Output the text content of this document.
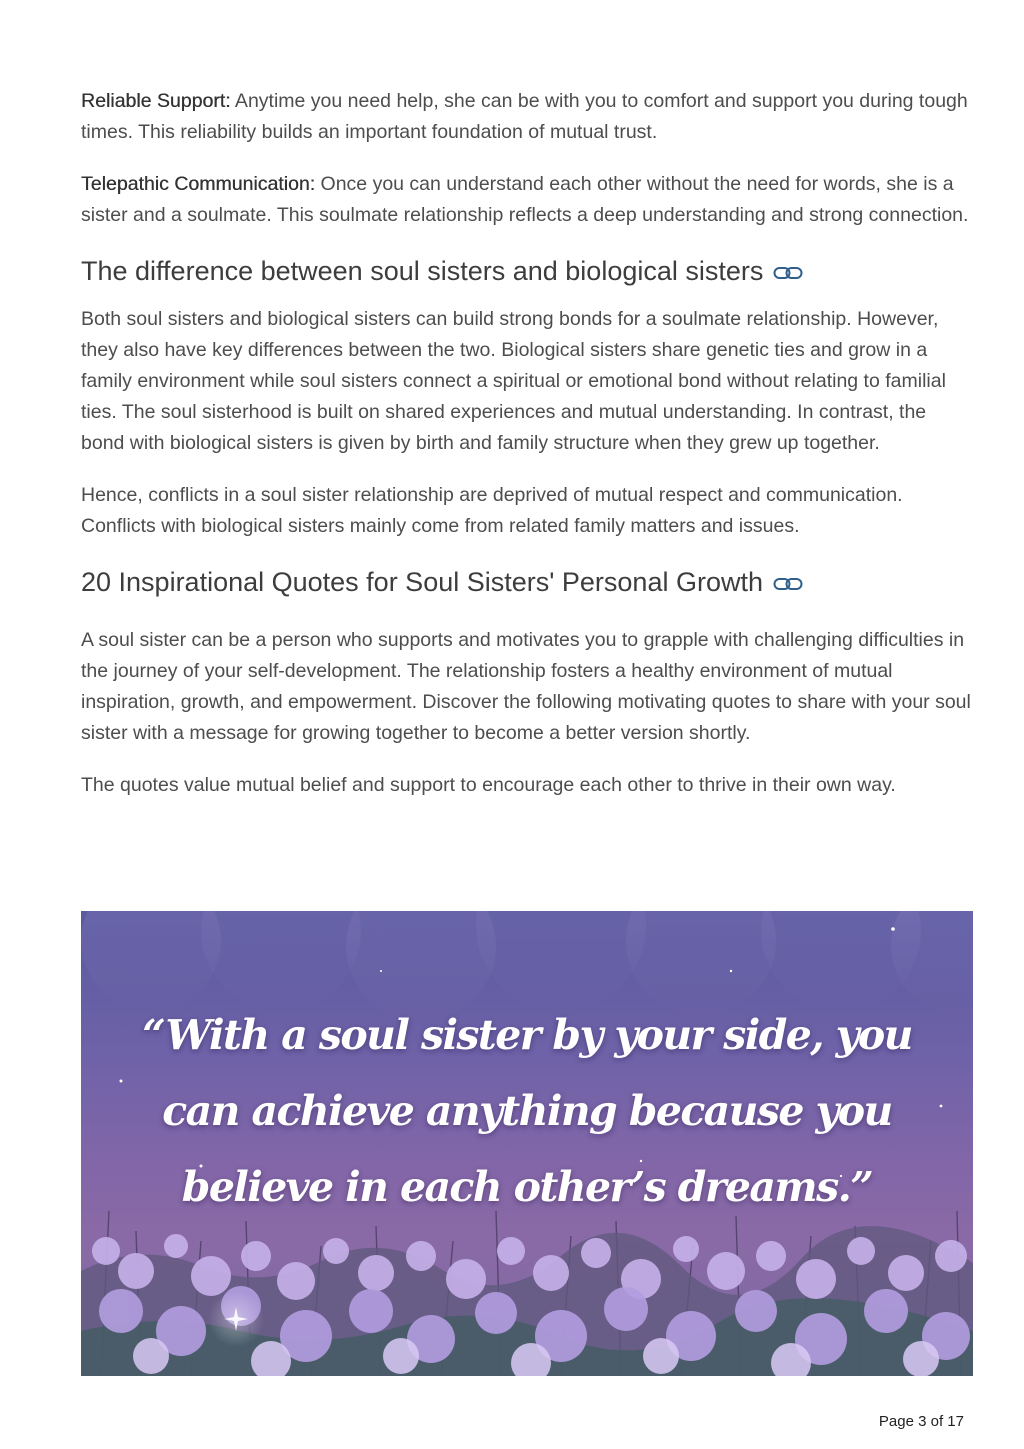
Reliable Support: Anytime you need help, she can be with you to comfort and support you during tough times. This reliability builds an important foundation of mutual trust.

Telepathic Communication: Once you can understand each other without the need for words, she is a sister and a soulmate. This soulmate relationship reflects a deep understanding and strong connection.

The difference between soul sisters and biological sisters

Both soul sisters and biological sisters can build strong bonds for a soulmate relationship. However, they also have key differences between the two. Biological sisters share genetic ties and grow in a family environment while soul sisters connect a spiritual or emotional bond without relating to familial ties. The soul sisterhood is built on shared experiences and mutual understanding. In contrast, the bond with biological sisters is given by birth and family structure when they grew up together.

Hence, conflicts in a soul sister relationship are deprived of mutual respect and communication. Conflicts with biological sisters mainly come from related family matters and issues.

20 Inspirational Quotes for Soul Sisters' Personal Growth

A soul sister can be a person who supports and motivates you to grapple with challenging difficulties in the journey of your self-development. The relationship fosters a healthy environment of mutual inspiration, growth, and empowerment. Discover the following motivating quotes to share with your soul sister with a message for growing together to become a better version shortly.

The quotes value mutual belief and support to encourage each other to thrive in their own way.

“With a soul sister by your side, you can achieve anything because you believe in each other’s dreams.”
Page 3 of 17
